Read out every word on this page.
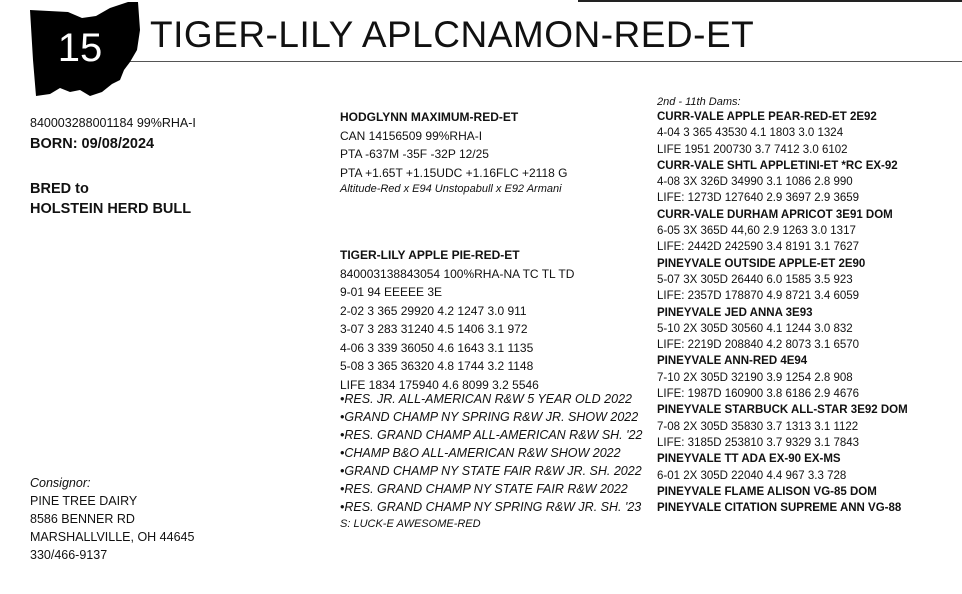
15	TIGER-LILY APLCNAMON-RED-ET
840003288001184 99%RHA-I
BORN: 09/08/2024
BRED to
HOLSTEIN HERD BULL
Consignor:
PINE TREE DAIRY
8586 BENNER RD
MARSHALLVILLE, OH 44645
330/466-9137
HODGLYNN MAXIMUM-RED-ET
CAN 14156509 99%RHA-I
PTA -637M -35F -32P 12/25
PTA +1.65T +1.15UDC +1.16FLC +2118 G
Altitude-Red x E94 Unstopabull x E92 Armani
TIGER-LILY APPLE PIE-RED-ET
840003138843054 100%RHA-NA TC TL TD
9-01 94 EEEEE 3E
2-02 3 365 29920 4.2 1247 3.0 911
3-07 3 283 31240 4.5 1406 3.1 972
4-06 3 339 36050 4.6 1643 3.1 1135
5-08 3 365 36320 4.8 1744 3.2 1148
LIFE 1834 175940 4.6 8099 3.2 5546
•RES. JR. ALL-AMERICAN R&W 5 YEAR OLD 2022
•GRAND CHAMP NY SPRING R&W JR. SHOW 2022
•RES. GRAND CHAMP ALL-AMERICAN R&W SH. '22
•CHAMP B&O ALL-AMERICAN R&W SHOW 2022
•GRAND CHAMP NY STATE FAIR R&W JR. SH. 2022
•RES. GRAND CHAMP NY STATE FAIR R&W 2022
•RES. GRAND CHAMP NY SPRING R&W JR. SH. '23
S: LUCK-E AWESOME-RED
2nd - 11th Dams:
CURR-VALE APPLE PEAR-RED-ET 2E92
4-04 3 365 43530 4.1 1803 3.0 1324
LIFE 1951 200730 3.7 7412 3.0 6102
CURR-VALE SHTL APPLETINI-ET *RC EX-92
4-08 3X 326D 34990 3.1 1086 2.8 990
LIFE: 1273D 127640 2.9 3697 2.9 3659
CURR-VALE DURHAM APRICOT 3E91 DOM
6-05 3X 365D 44,60 2.9 1263 3.0 1317
LIFE: 2442D 242590 3.4 8191 3.1 7627
PINEYVALE OUTSIDE APPLE-ET 2E90
5-07 3X 305D 26440 6.0 1585 3.5 923
LIFE: 2357D 178870 4.9 8721 3.4 6059
PINEYVALE JED ANNA 3E93
5-10 2X 305D 30560 4.1 1244 3.0 832
LIFE: 2219D 208840 4.2 8073 3.1 6570
PINEYVALE ANN-RED 4E94
7-10 2X 305D 32190 3.9 1254 2.8 908
LIFE: 1987D 160900 3.8 6186 2.9 4676
PINEYVALE STARBUCK ALL-STAR 3E92 DOM
7-08 2X 305D 35830 3.7 1313 3.1 1122
LIFE: 3185D 253810 3.7 9329 3.1 7843
PINEYVALE TT ADA EX-90 EX-MS
6-01 2X 305D 22040 4.4 967 3.3 728
PINEYVALE FLAME ALISON VG-85 DOM
PINEYVALE CITATION SUPREME ANN VG-88
